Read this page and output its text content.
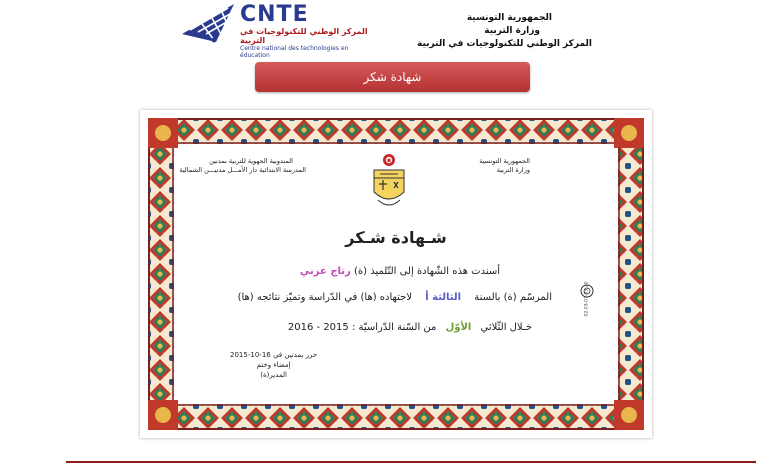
CNTE
المركز الوطني للتكنولوجيات في التربية
Centre national des technologies en éducation
الجمهورية التونسية
وزارة التربية
المركز الوطني للتكنولوجيات في التربية
شهادة شكر
المندوبية الجهوية للتربية بمدنين
المدرسة الابتدائية دار الأمـــل مدنيـــن الشمالية
الجمهورية التونسية
وزارة التربية
شـهادة شـكر
أسندت هذه الشّهادة إلى التّلميذ (ة) رتاج عزني
المرسّم (ة) بالسنة الثالثة أ لاجتهاده (ها) في الدّراسة وتميّز نتائجه (ها)
خـلال الثّلاثي الأوّل من السّنة الدّراسيّة : 2015 - 2016
حرر بمدنين في 16-10-2015
إمضاء وختم
المدير(ة)
02-03-07-05-20
